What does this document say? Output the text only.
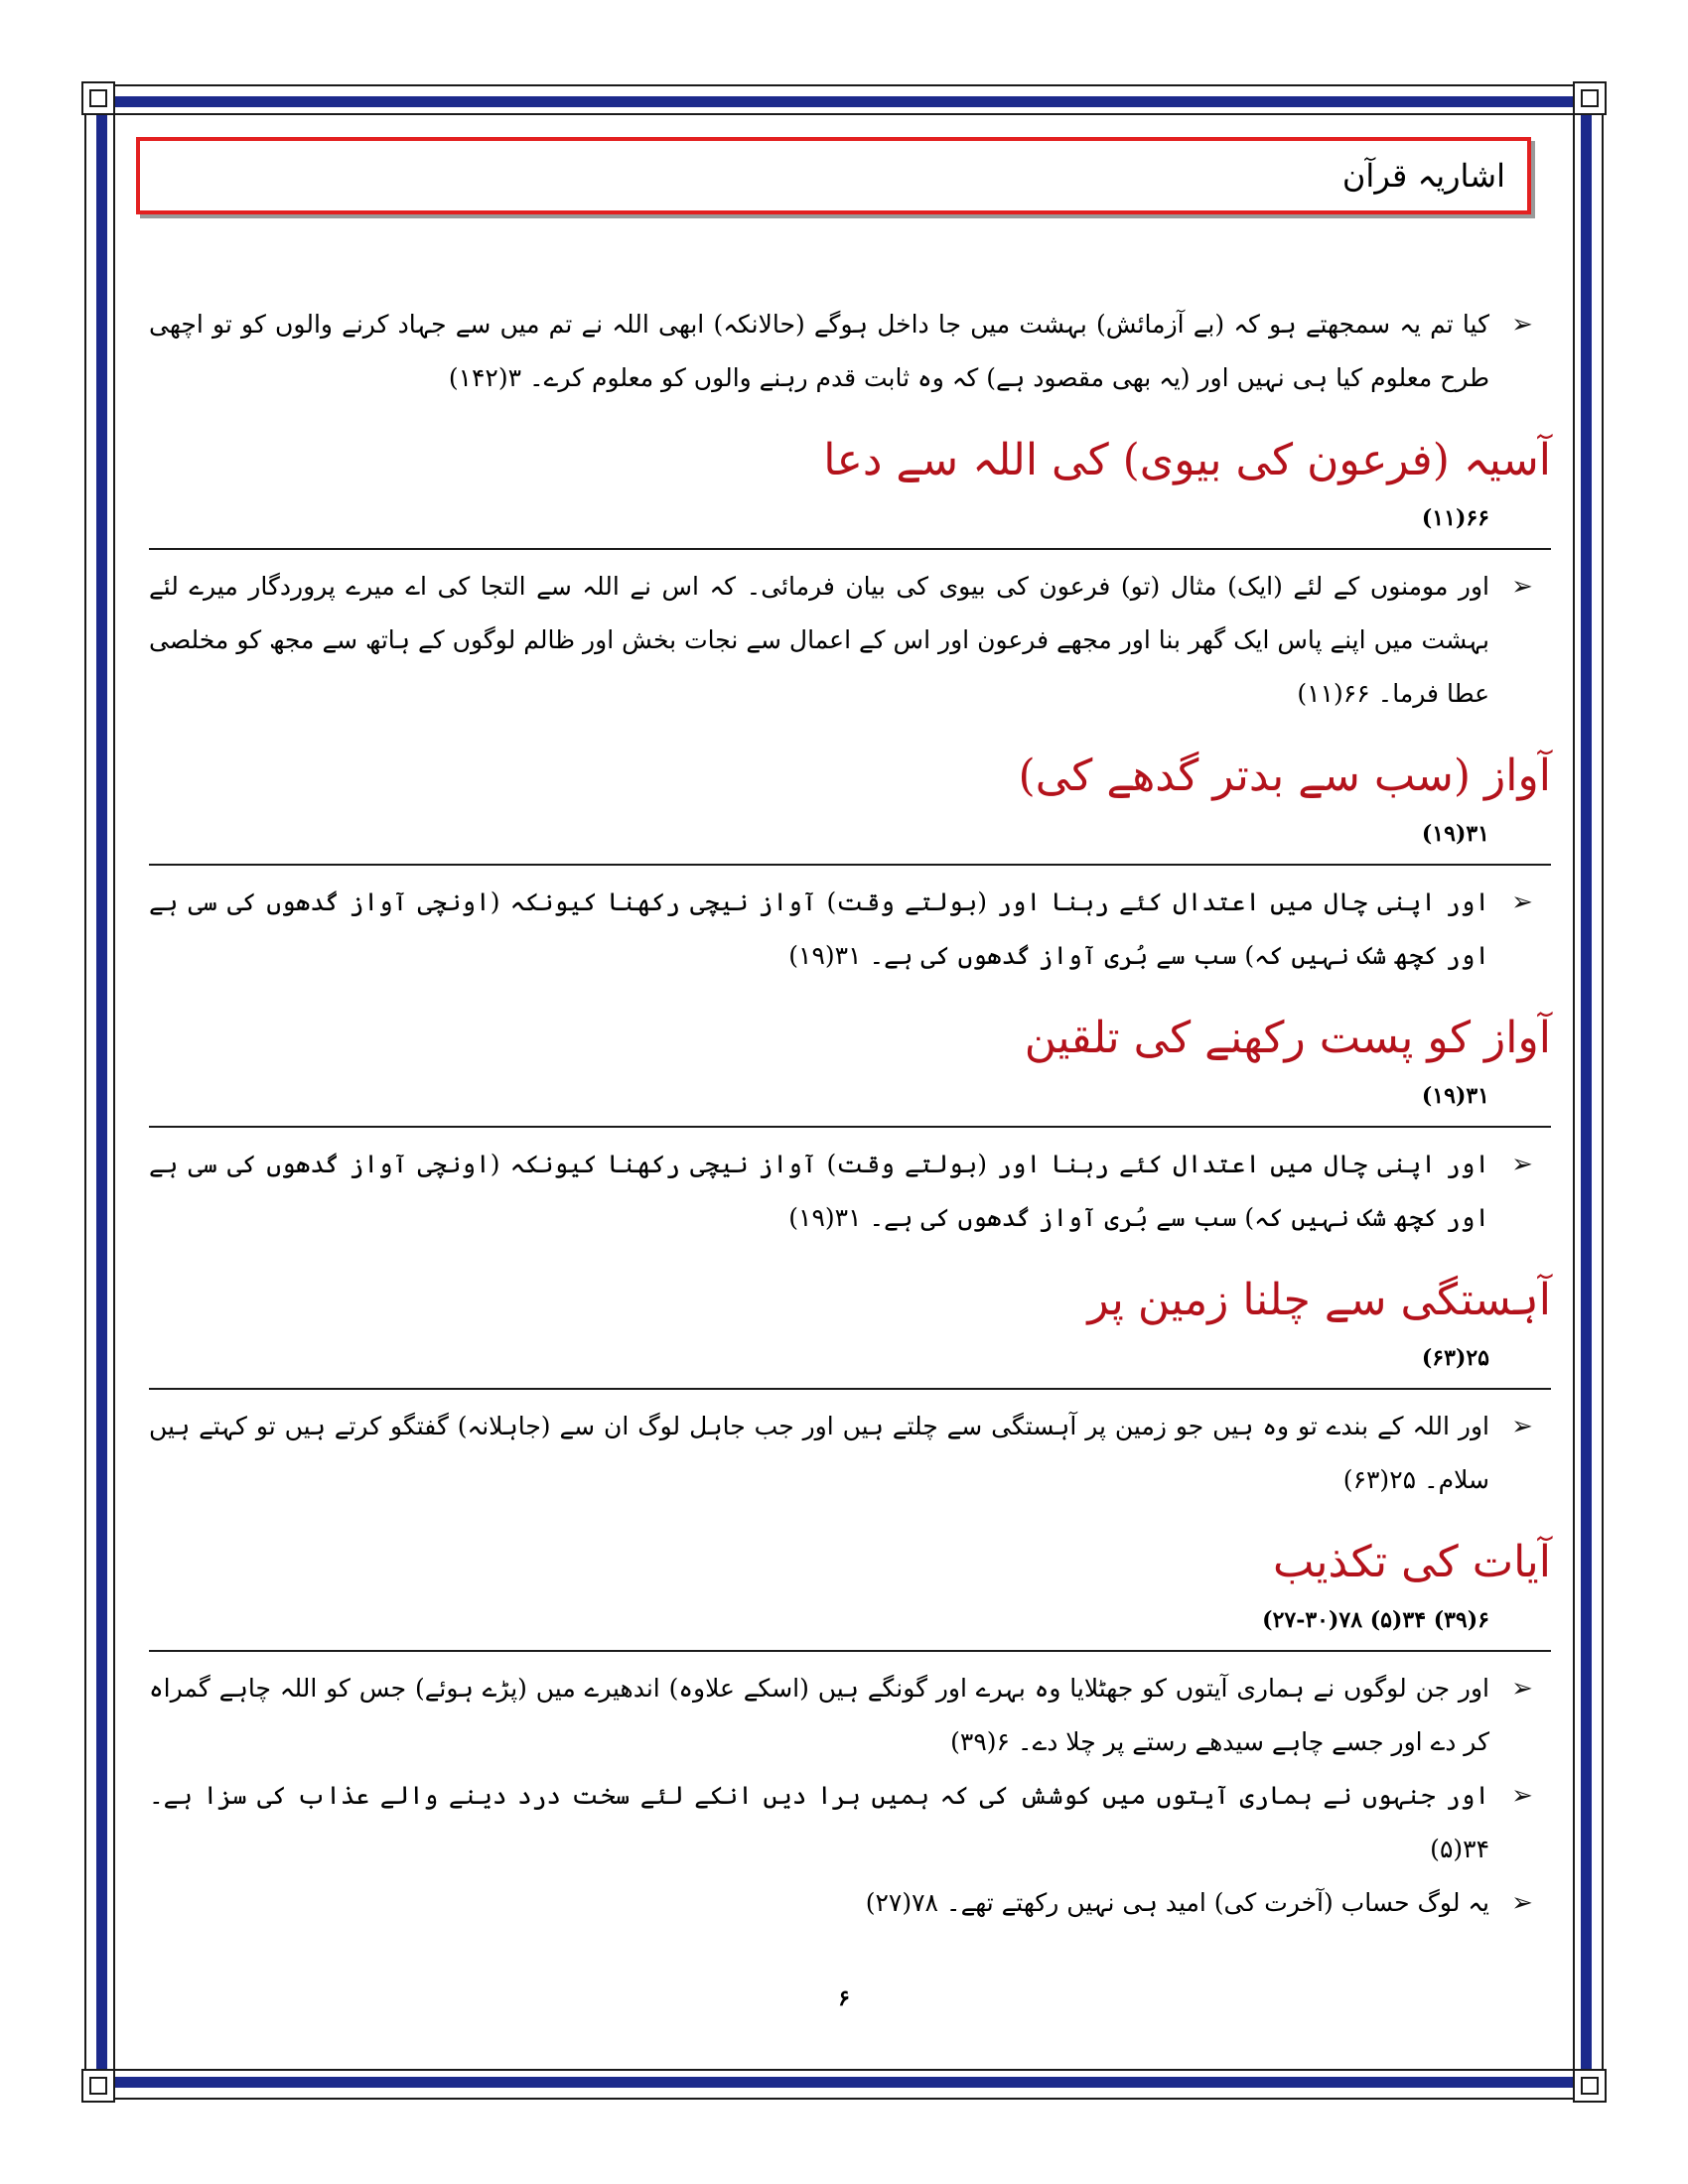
اشاریہ قرآن
➢
کیا تم یہ سمجھتے ہو کہ (بے آزمائش) بہشت میں جا داخل ہوگے (حالانکہ) ابھی اللہ نے تم میں سے جہاد کرنے والوں کو تو اچھی طرح معلوم کیا ہی نہیں اور (یہ بھی مقصود ہے) کہ وہ ثابت قدم رہنے والوں کو معلوم کرے۔ ۳(۱۴۲)
آسیہ (فرعون کی بیوی) کی اللہ سے دعا
۶۶(۱۱)
➢
اور مومنوں کے لئے (ایک) مثال (تو) فرعون کی بیوی کی بیان فرمائی۔ کہ اس نے اللہ سے التجا کی اے میرے پروردگار میرے لئے بہشت میں اپنے پاس ایک گھر بنا اور مجھے فرعون اور اس کے اعمال سے نجات بخش اور ظالم لوگوں کے ہاتھ سے مجھ کو مخلصی عطا فرما۔ ۶۶(۱۱)
آواز (سب سے بدتر گدھے کی)
۳۱(۱۹)
➢
اور اپنی چال میں اعتدال کئے رہنا اور (بولتے وقت) آواز نیچی رکھنا کیونکہ (اونچی آواز گدھوں کی سی ہے اور کچھ شک نہیں کہ) سب سے بُری آواز گدھوں کی ہے۔ ۳۱(۱۹)
آواز کو پست رکھنے کی تلقین
۳۱(۱۹)
➢
اور اپنی چال میں اعتدال کئے رہنا اور (بولتے وقت) آواز نیچی رکھنا کیونکہ (اونچی آواز گدھوں کی سی ہے اور کچھ شک نہیں کہ) سب سے بُری آواز گدھوں کی ہے۔ ۳۱(۱۹)
آہستگی سے چلنا زمین پر
۲۵(۶۳)
➢
اور اللہ کے بندے تو وہ ہیں جو زمین پر آہستگی سے چلتے ہیں اور جب جاہل لوگ ان سے (جاہلانہ) گفتگو کرتے ہیں تو کہتے ہیں سلام۔ ۲۵(۶۳)
آیات کی تکذیب
۶(۳۹) ۳۴(۵) ۷۸(۲۷-۳۰)
➢
اور جن لوگوں نے ہماری آیتوں کو جھٹلایا وہ بہرے اور گونگے ہیں (اسکے علاوہ) اندھیرے میں (پڑے ہوئے) جس کو اللہ چاہے گمراہ کر دے اور جسے چاہے سیدھے رستے پر چلا دے۔ ۶(۳۹)
➢
اور جنہوں نے ہماری آیتوں میں کوشش کی کہ ہمیں ہرا دیں انکے لئے سخت درد دینے والے عذاب کی سزا ہے۔ ۳۴(۵)
➢
یہ لوگ حساب (آخرت کی) امید ہی نہیں رکھتے تھے۔ ۷۸(۲۷)
۶
